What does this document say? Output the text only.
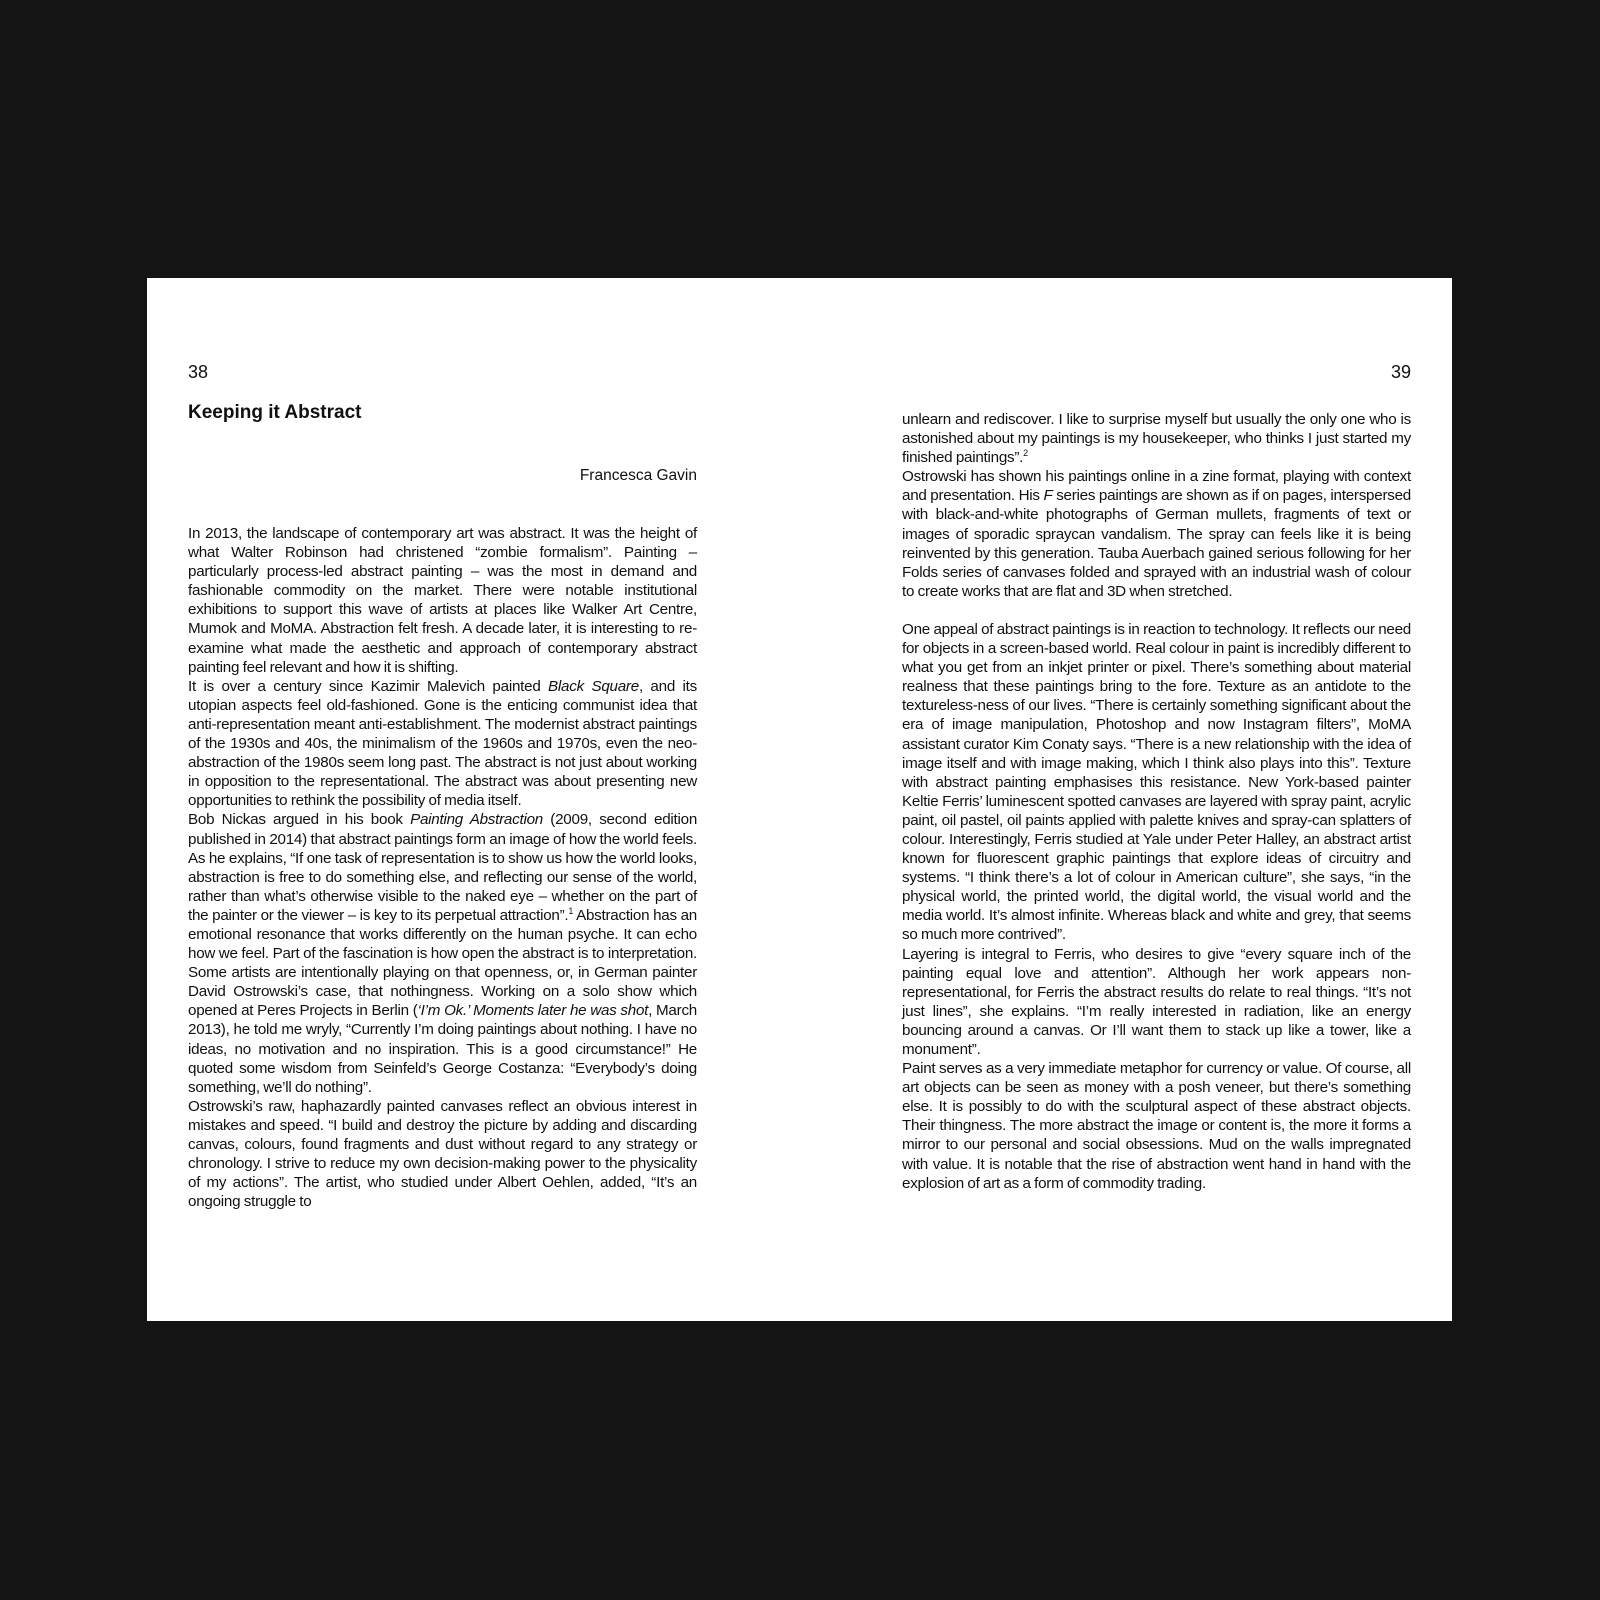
38	39
Keeping it Abstract
Francesca Gavin

In 2013, the landscape of contemporary art was abstract. It was the height of what Walter Robinson had christened “zombie formalism”. Painting – particularly process-led abstract painting – was the most in demand and fashionable commodity on the market. There were notable institutional exhibitions to support this wave of artists at places like Walker Art Centre, Mumok and MoMA. Abstraction felt fresh. A decade later, it is interesting to re-examine what made the aesthetic and approach of contemporary abstract painting feel relevant and how it is shifting.

It is over a century since Kazimir Malevich painted Black Square, and its utopian aspects feel old-fashioned. Gone is the enticing communist idea that anti-representation meant anti-establishment. The modernist abstract paintings of the 1930s and 40s, the minimalism of the 1960s and 1970s, even the neo-abstraction of the 1980s seem long past. The abstract is not just about working in opposition to the representational. The abstract was about presenting new opportunities to rethink the possibility of media itself.

Bob Nickas argued in his book Painting Abstraction (2009, second edition published in 2014) that abstract paintings form an image of how the world feels. As he explains, “If one task of representation is to show us how the world looks, abstraction is free to do something else, and reflecting our sense of the world, rather than what’s otherwise visible to the naked eye – whether on the part of the painter or the viewer – is key to its perpetual attraction”.$^1$ Abstraction has an emotional resonance that works differently on the human psyche. It can echo how we feel. Part of the fascination is how open the abstract is to interpretation. Some artists are intentionally playing on that openness, or, in German painter David Ostrowski’s case, that nothingness. Working on a solo show which opened at Peres Projects in Berlin (‘I’m Ok.’ Moments later he was shot, March 2013), he told me wryly, “Currently I’m doing paintings about nothing. I have no ideas, no motivation and no inspiration. This is a good circumstance!” He quoted some wisdom from Seinfeld’s George Costanza: “Everybody’s doing something, we’ll do nothing”.

Ostrowski’s raw, haphazardly painted canvases reflect an obvious interest in mistakes and speed. “I build and destroy the picture by adding and discarding canvas, colours, found fragments and dust without regard to any strategy or chronology. I strive to reduce my own decision-making power to the physicality of my actions”. The artist, who studied under Albert Oehlen, added, “It’s an ongoing struggle to

unlearn and rediscover. I like to surprise myself but usually the only one who is astonished about my paintings is my housekeeper, who thinks I just started my finished paintings”.$^2$

Ostrowski has shown his paintings online in a zine format, playing with context and presentation. His F series paintings are shown as if on pages, interspersed with black-and-white photographs of German mullets, fragments of text or images of sporadic spraycan vandalism. The spray can feels like it is being reinvented by this generation. Tauba Auerbach gained serious following for her Folds series of canvases folded and sprayed with an industrial wash of colour to create works that are flat and 3D when stretched.

One appeal of abstract paintings is in reaction to technology. It reflects our need for objects in a screen-based world. Real colour in paint is incredibly different to what you get from an inkjet printer or pixel. There’s something about material realness that these paintings bring to the fore. Texture as an antidote to the textureless-ness of our lives. “There is certainly something significant about the era of image manipulation, Photoshop and now Instagram filters”, MoMA assistant curator Kim Conaty says. “There is a new relationship with the idea of image itself and with image making, which I think also plays into this”. Texture with abstract painting emphasises this resistance. New York-based painter Keltie Ferris’ luminescent spotted canvases are layered with spray paint, acrylic paint, oil pastel, oil paints applied with palette knives and spray-can splatters of colour. Interestingly, Ferris studied at Yale under Peter Halley, an abstract artist known for fluorescent graphic paintings that explore ideas of circuitry and systems. “I think there’s a lot of colour in American culture”, she says, “in the physical world, the printed world, the digital world, the visual world and the media world. It’s almost infinite. Whereas black and white and grey, that seems so much more contrived”.

Layering is integral to Ferris, who desires to give “every square inch of the painting equal love and attention”. Although her work appears non-representational, for Ferris the abstract results do relate to real things. “It’s not just lines”, she explains. “I’m really interested in radiation, like an energy bouncing around a canvas. Or I’ll want them to stack up like a tower, like a monument”.

Paint serves as a very immediate metaphor for currency or value. Of course, all art objects can be seen as money with a posh veneer, but there’s something else. It is possibly to do with the sculptural aspect of these abstract objects. Their thingness. The more abstract the image or content is, the more it forms a mirror to our personal and social obsessions. Mud on the walls impregnated with value. It is notable that the rise of abstraction went hand in hand with the explosion of art as a form of commodity trading.
